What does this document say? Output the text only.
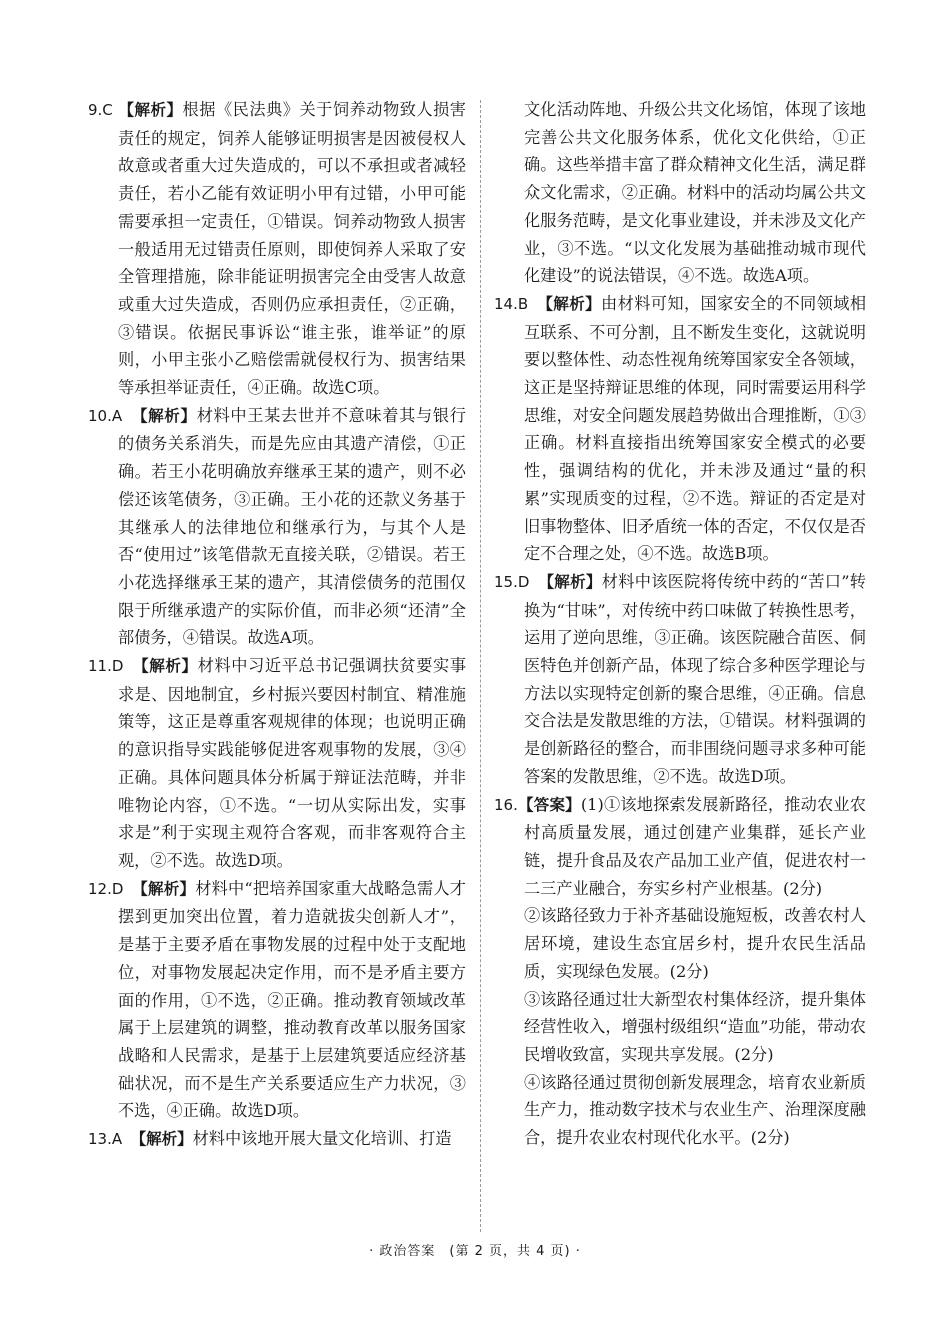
9.C 【解析】根据《民法典》关于饲养动物致人损害责任的规定，饲养人能够证明损害是因被侵权人故意或者重大过失造成的，可以不承担或者减轻责任，若小乙能有效证明小甲有过错，小甲可能需要承担一定责任，①错误。饲养动物致人损害一般适用无过错责任原则，即使饲养人采取了安全管理措施，除非能证明损害完全由受害人故意或重大过失造成，否则仍应承担责任，②正确，③错误。依据民事诉讼“谁主张，谁举证”的原则，小甲主张小乙赔偿需就侵权行为、损害结果等承担举证责任，④正确。故选C项。

10.A　 【解析】材料中王某去世并不意味着其与银行的债务关系消失，而是先应由其遗产清偿，①正确。若王小花明确放弃继承王某的遗产，则不必偿还该笔债务，③正确。王小花的还款义务基于其继承人的法律地位和继承行为，与其个人是否“使用过”该笔借款无直接关联，②错误。若王小花选择继承王某的遗产，其清偿债务的范围仅限于所继承遗产的实际价值，而非必须“还清”全部债务，④错误。故选A项。

11.D　 【解析】材料中习近平总书记强调扶贫要实事求是、因地制宜，乡村振兴要因村制宜、精准施策等，这正是尊重客观规律的体现；也说明正确的意识指导实践能够促进客观事物的发展，③④正确。具体问题具体分析属于辩证法范畴，并非唯物论内容，①不选。“一切从实际出发，实事求是”利于实现主观符合客观，而非客观符合主观，②不选。故选D项。

12.D　 【解析】材料中“把培养国家重大战略急需人才摆到更加突出位置，着力造就拔尖创新人才”，是基于主要矛盾在事物发展的过程中处于支配地位，对事物发展起决定作用，而不是矛盾主要方面的作用，①不选，②正确。推动教育领域改革属于上层建筑的调整，推动教育改革以服务国家战略和人民需求，是基于上层建筑要适应经济基础状况，而不是生产关系要适应生产力状况，③不选，④正确。故选D项。

13.A　 【解析】材料中该地开展大量文化培训、打造

文化活动阵地、升级公共文化场馆，体现了该地完善公共文化服务体系，优化文化供给，①正确。这些举措丰富了群众精神文化生活，满足群众文化需求，②正确。材料中的活动均属公共文化服务范畴，是文化事业建设，并未涉及文化产业，③不选。“以文化发展为基础推动城市现代化建设”的说法错误，④不选。故选A项。

14.B　 【解析】由材料可知，国家安全的不同领域相互联系、不可分割，且不断发生变化，这就说明要以整体性、动态性视角统筹国家安全各领域，这正是坚持辩证思维的体现，同时需要运用科学思维，对安全问题发展趋势做出合理推断，①③正确。材料直接指出统筹国家安全模式的必要性，强调结构的优化，并未涉及通过“量的积累”实现质变的过程，②不选。辩证的否定是对旧事物整体、旧矛盾统一体的否定，不仅仅是否定不合理之处，④不选。故选B项。

15.D　 【解析】材料中该医院将传统中药的“苦口”转换为“甘味”，对传统中药口味做了转换性思考，运用了逆向思维，③正确。该医院融合苗医、侗医特色并创新产品，体现了综合多种医学理论与方法以实现特定创新的聚合思维，④正确。信息交合法是发散思维的方法，①错误。材料强调的是创新路径的整合，而非围绕问题寻求多种可能答案的发散思维，②不选。故选D项。

16.【答案】(1)①该地探索发展新路径，推动农业农村高质量发展，通过创建产业集群，延长产业链，提升食品及农产品加工业产值，促进农村一二三产业融合，夯实乡村产业根基。(2分)

②该路径致力于补齐基础设施短板，改善农村人居环境，建设生态宜居乡村，提升农民生活品质，实现绿色发展。(2分)

③该路径通过壮大新型农村集体经济，提升集体经营性收入，增强村级组织“造血”功能，带动农民增收致富，实现共享发展。(2分)

④该路径通过贯彻创新发展理念，培育农业新质生产力，推动数字技术与农业生产、治理深度融合，提升农业农村现代化水平。(2分)

· 政治答案　(第 2 页，共 4 页) ·
